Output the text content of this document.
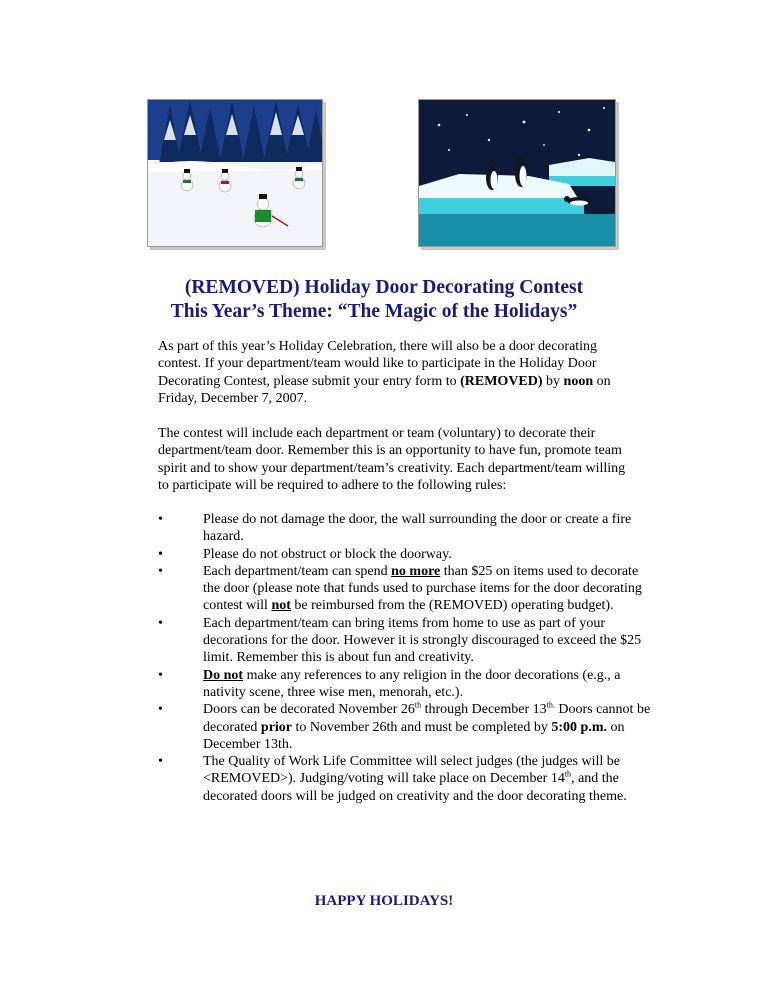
(REMOVED) Holiday Door Decorating Contest
This Year’s Theme: “The Magic of the Holidays”

As part of this year’s Holiday Celebration, there will also be a door decorating contest. If your department/team would like to participate in the Holiday Door Decorating Contest, please submit your entry form to (REMOVED) by noon on Friday, December 7, 2007.

The contest will include each department or team (voluntary) to decorate their department/team door. Remember this is an opportunity to have fun, promote team spirit and to show your department/team’s creativity. Each department/team willing to participate will be required to adhere to the following rules:

•	Please do not damage the door, the wall surrounding the door or create a fire hazard.

•	Please do not obstruct or block the doorway.

•	Each department/team can spend no more than $25 on items used to decorate the door (please note that funds used to purchase items for the door decorating contest will not be reimbursed from the (REMOVED) operating budget).

•	Each department/team can bring items from home to use as part of your decorations for the door. However it is strongly discouraged to exceed the $25 limit. Remember this is about fun and creativity.

•	Do not make any references to any religion in the door decorations (e.g., a nativity scene, three wise men, menorah, etc.).

•	Doors can be decorated November 26th through December $13^{th.}$ Doors cannot be decorated prior to November 26th and must be completed by 5:00 p.m. on December 13th.

•	The Quality of Work Life Committee will select judges (the judges will be <REMOVED>). Judging/voting will take place on December 14th, and the decorated doors will be judged on creativity and the door decorating theme.

HAPPY HOLIDAYS!
